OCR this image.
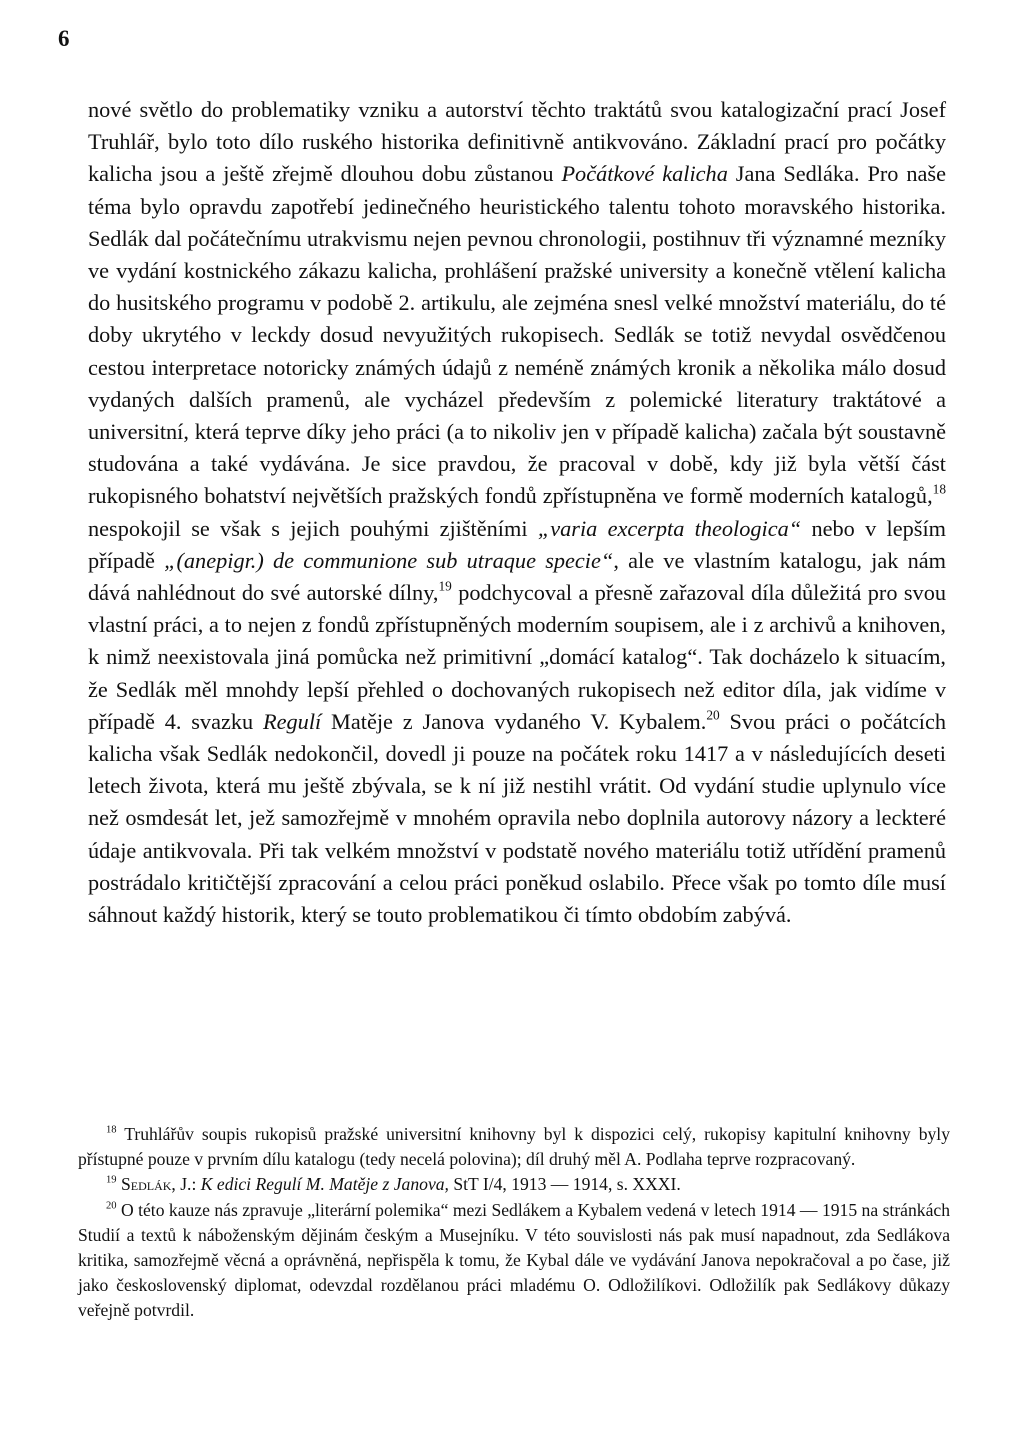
6

nové světlo do problematiky vzniku a autorství těchto traktátů svou katalogizační prací Josef Truhlář, bylo toto dílo ruského historika definitivně antikvováno. Základní prací pro počátky kalicha jsou a ještě zřejmě dlouhou dobu zůstanou Počátkové kalicha Jana Sedláka. Pro naše téma bylo opravdu zapotřebí jedinečného heuristického talentu tohoto moravského historika. Sedlák dal počátečnímu utrakvismu nejen pevnou chronologii, postihnuv tři významné mezníky ve vydání kostnického zákazu kalicha, prohlášení pražské university a konečně vtělení kalicha do husitského programu v podobě 2. artikulu, ale zejména snesl velké množství materiálu, do té doby ukrytého v leckdy dosud nevyužitých rukopisech. Sedlák se totiž nevydal osvědčenou cestou interpretace notoricky známých údajů z neméně známých kronik a několika málo dosud vydaných dalších pramenů, ale vycházel především z polemické literatury traktátové a universitní, která teprve díky jeho práci (a to nikoliv jen v případě kalicha) začala být soustavně studována a také vydávána. Je sice pravdou, že pracoval v době, kdy již byla větší část rukopisného bohatství největších pražských fondů zpřístupněna ve formě moderních katalogů,$^{18}$ nespokojil se však s jejich pouhými zjištěními „varia excerpta theologica“ nebo v lepším případě „(anepigr.) de communione sub utraque specie“, ale ve vlastním katalogu, jak nám dává nahlédnout do své autorské dílny,$^{19}$ podchycoval a přesně zařazoval díla důležitá pro svou vlastní práci, a to nejen z fondů zpřístupněných moderním soupisem, ale i z archivů a knihoven, k nimž neexistovala jiná pomůcka než primitivní „domácí katalog“. Tak docházelo k situacím, že Sedlák měl mnohdy lepší přehled o dochovaných rukopisech než editor díla, jak vidíme v případě 4. svazku Regulí Matěje z Janova vydaného V. Kybalem.$^{20}$ Svou práci o počátcích kalicha však Sedlák nedokončil, dovedl ji pouze na počátek roku 1417 a v následujících deseti letech života, která mu ještě zbývala, se k ní již nestihl vrátit. Od vydání studie uplynulo více než osmdesát let, jež samozřejmě v mnohém opravila nebo doplnila autorovy názory a leckteré údaje antikvovala. Při tak velkém množství v podstatě nového materiálu totiž utřídění pramenů postrádalo kritičtější zpracování a celou práci poněkud oslabilo. Přece však po tomto díle musí sáhnout každý historik, který se touto problematikou či tímto obdobím zabývá.

$^{18}$ Truhlářův soupis rukopisů pražské universitní knihovny byl k dispozici celý, rukopisy kapitulní knihovny byly přístupné pouze v prvním dílu katalogu (tedy necelá polovina); díl druhý měl A. Podlaha teprve rozpracovaný.

$^{19}$ Sedlák, J.: K edici Regulí M. Matěje z Janova, StT I/4, 1913 — 1914, s. XXXI.

$^{20}$ O této kauze nás zpravuje „literární polemika“ mezi Sedlákem a Kybalem vedená v letech 1914 — 1915 na stránkách Studií a textů k náboženským dějinám českým a Musejníku. V této souvislosti nás pak musí napadnout, zda Sedlákova kritika, samozřejmě věcná a oprávněná, nepřispěla k tomu, že Kybal dále ve vydávání Janova nepokračoval a po čase, již jako československý diplomat, odevzdal rozdělanou práci mladému O. Odložilíkovi. Odložilík pak Sedlákovy důkazy veřejně potvrdil.
